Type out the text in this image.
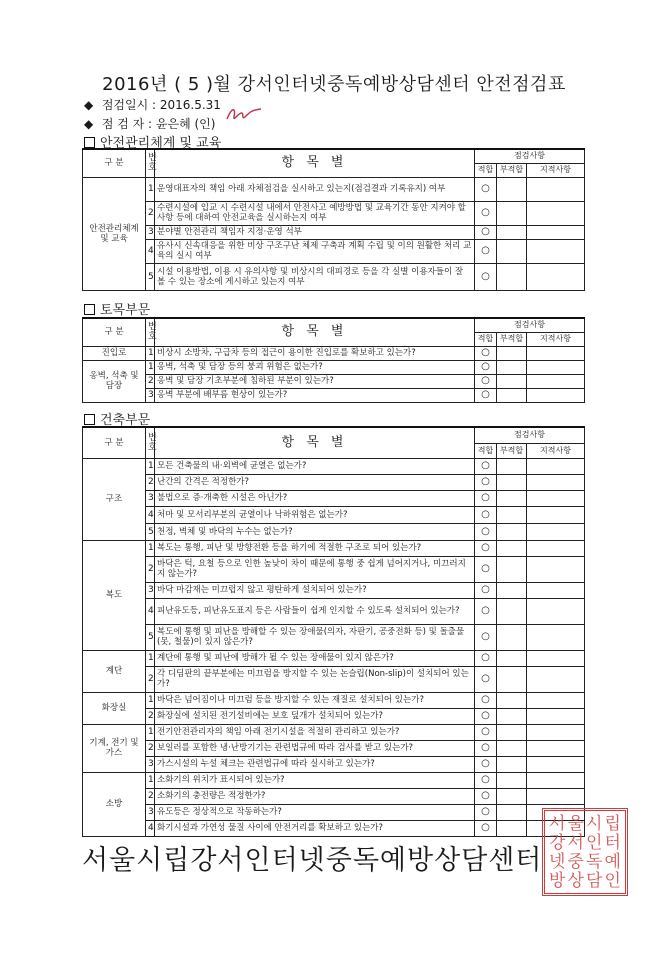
2016년 ( 5 )월 강서인터넷중독예방상담센터 안전점검표
◆ 점검일시 : 2016.5.31
◆ 점 검 자 : 윤은혜 (인)
안전관리체계 및 교육
구 분	번호	항 목 별	점검사항		
			적합	부적합	지적사항
안전관리체계 및 교육	1	운영대표자의 책임 아래 자체점검을 실시하고 있는지(점검결과 기록유지) 여부	○		
	2	수련시설에 입교 시 수련시설 내에서 안전사고 예방방법 및 교육기간 동안 지켜야 할 사항 등에 대하여 안전교육을 실시하는지 여부	○		
	3	분야별 안전관리 책임자 지정·운영 석부	○		
	4	유사시 신속대응을 위한 비상 구조구난 체제 구축과 계획 수립 및 이의 원활한 처리 교육의 실시 여부	○		
	5	시설 이용방법, 이용 시 유의사항 및 비상시의 대피경로 등을 각 실별 이용자들이 잘 볼 수 있는 장소에 게시하고 있는지 여부	○		
토목부문
구 분	번호	항 목 별	점검사항		
			적합	부적합	지적사항
진입로	1	비상시 소방차, 구급차 등의 접근이 용이한 진입로를 확보하고 있는가?	○		
옹벽, 석축 및 담장	1	옹벽, 석축 및 담장 등의 붕괴 위험은 없는가?	○		
	2	옹벽 및 담장 기초부분에 침하된 부분이 있는가?	○		
	3	옹벽 부분에 배부름 현상이 있는가?	○		
건축부문
구 분	번호	항 목 별	점검사항		
			적합	부적합	지적사항
구조	1	모든 건축물의 내·외벽에 균열은 없는가?	○		
	2	난간의 간격은 적정한가?	○		
	3	불법으로 증·개축한 시설은 아닌가?	○		
	4	처마 및 모서리부분의 균열이나 낙하위험은 없는가?	○		
	5	천정, 벽체 및 바닥의 누수는 없는가?	○		
복도	1	복도는 통행, 피난 및 방향전환 등을 하기에 적절한 구조로 되어 있는가?	○		
	2	바닥은 턱, 요철 등으로 인한 높낮이 차이 때문에 통행 중 쉽게 넘어지거나, 미끄러지지 않는가?	○		
	3	바닥 마감재는 미끄럽지 않고 평탄하게 설치되어 있는가?	○		
	4	피난유도등, 피난유도표지 등은 사람들이 쉽게 인지할 수 있도록 설치되어 있는가?	○		
	5	복도에 통행 및 피난을 방해할 수 있는 장애물(의자, 자판기, 공중전화 등) 및 돌출물(못, 철물)이 있지 않은가?	○		
계단	1	계단에 통행 및 피난에 방해가 될 수 있는 장애물이 있지 않은가?	○		
	2	각 디딤판의 끝부분에는 미끄럼을 방지할 수 있는 논슬립(Non-slip)이 설치되어 있는가?	○		
화장실	1	바닥은 넘어짐이나 미끄럼 등을 방지할 수 있는 재질로 설치되어 있는가?	○		
	2	화장실에 설치된 전기설비에는 보호 덮개가 설치되어 있는가?	○		
기계, 전기 및 가스	1	전기안전관리자의 책임 아래 전기시설을 적절히 관리하고 있는가?	○		
	2	보일러를 포함한 냉·난방기기는 관련법규에 따라 검사를 받고 있는가?	○		
	3	가스시설의 누설 체크는 관련법규에 따라 실시하고 있는가?	○		
소방	1	소화기의 위치가 표시되어 있는가?	○		
	2	소화기의 충전량은 적정한가?	○		
	3	유도등은 정상적으로 작동하는가?	○		
	4	화기시설과 가연성 물질 사이에 안전거리를 확보하고 있는가?	○		
서울시립강서인터넷중독예방상담센터
서 울 시 립
강 서 인 터
넷 중 독 예
방 상 담 인
